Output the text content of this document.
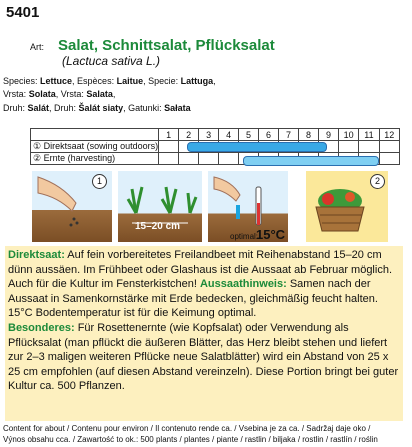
5401
Art: Salat, Schnittsalat, Pflücksalat
(Lactuca sativa L.)
Species: Lettuce, Espèces: Laitue, Specie: Lattuga,
Vrsta: Solata, Vrsta: Salata,
Druh: Salát, Druh: Šalát siaty, Gatunki: Sałata
	1	2	3	4	5	6	7	8	9	10	11	12
① Direktsaat (sowing outdoors)												
② Ernte (harvesting)												
1
15–20 cm
optimal:
15°C
2
Direktsaat: Auf fein vorbereitetes Freilandbeet mit Reihenabstand 15–20 cm dünn aussäen. Im Frühbeet oder Glashaus ist die Aussaat ab Februar möglich. Auch für die Kultur im Fensterkistchen! Aussaathinweis: Samen nach der Aussaat in Samenkornstärke mit Erde bedecken, gleichmäßig feucht halten. 15°C Bodentemperatur ist für die Keimung optimal.
Besonderes: Für Rosettenernte (wie Kopfsalat) oder Verwendung als Pflücksalat (man pflückt die äußeren Blätter, das Herz bleibt stehen und liefert zur 2–3 maligen weiteren Pflücke neue Salatblätter) wird ein Abstand von 25 x 25 cm empfohlen (auf diesen Abstand vereinzeln). Diese Portion bringt bei guter Kultur ca. 500 Pflanzen.
Content for about / Contenu pour environ / Il contenuto rende ca. / Vsebina je za ca. / Sadržaj daje oko /
Výnos obsahu cca. / Zawartość to ok.: 500 plants / plantes / piante / rastlin / biljaka / rostlin / rastlín / roślin
